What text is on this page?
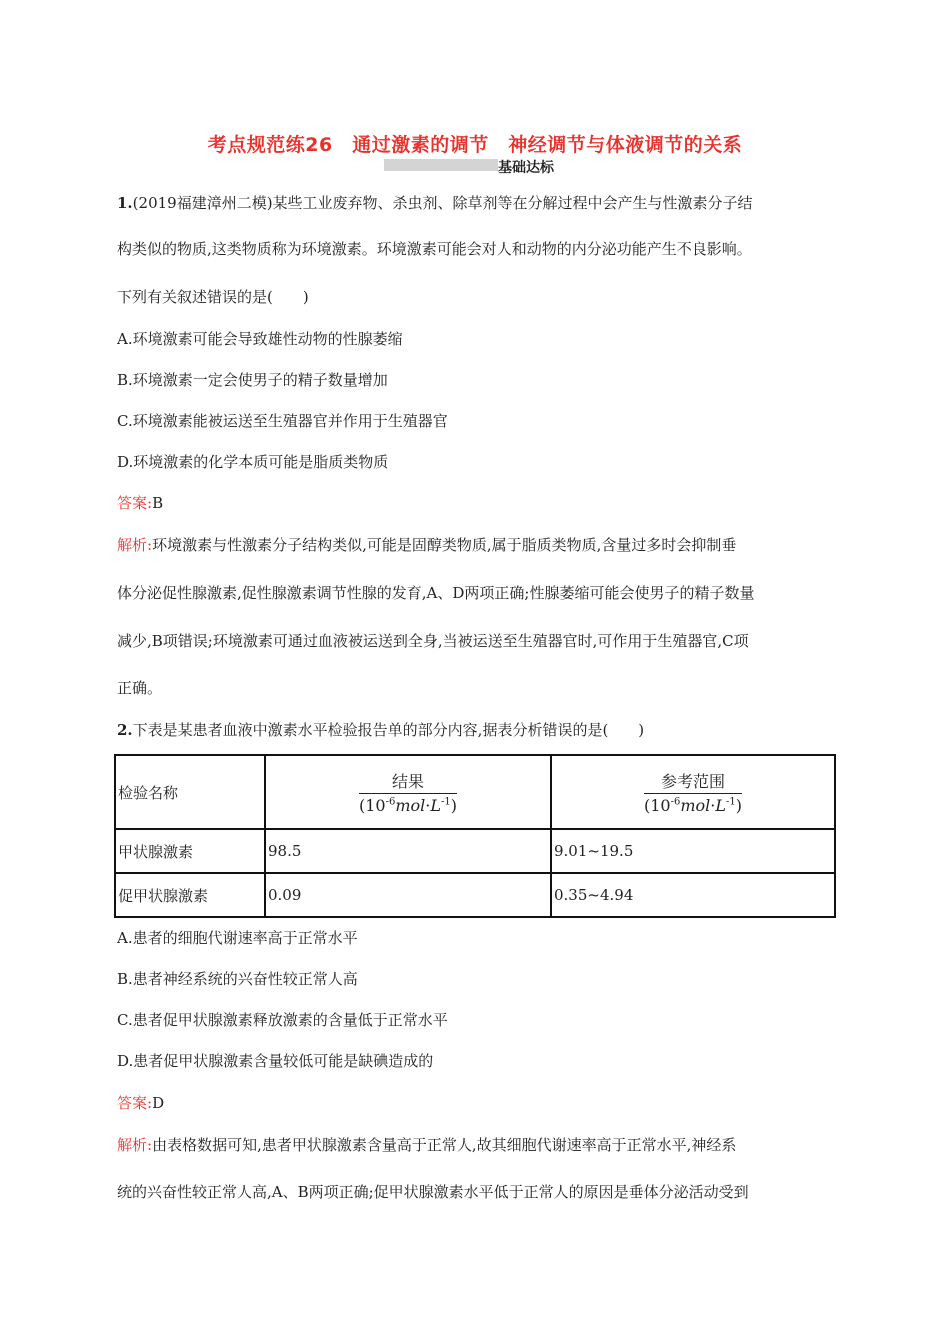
考点规范练26　通过激素的调节　神经调节与体液调节的关系
基础达标
1.(2019福建漳州二模)某些工业废弃物、杀虫剂、除草剂等在分解过程中会产生与性激素分子结
构类似的物质,这类物质称为环境激素。环境激素可能会对人和动物的内分泌功能产生不良影响。
下列有关叙述错误的是(　　)
A.环境激素可能会导致雄性动物的性腺萎缩
B.环境激素一定会使男子的精子数量增加
C.环境激素能被运送至生殖器官并作用于生殖器官
D.环境激素的化学本质可能是脂质类物质
答案:B
解析:环境激素与性激素分子结构类似,可能是固醇类物质,属于脂质类物质,含量过多时会抑制垂
体分泌促性腺激素,促性腺激素调节性腺的发育,A、D两项正确;性腺萎缩可能会使男子的精子数量
减少,B项错误;环境激素可通过血液被运送到全身,当被运送至生殖器官时,可作用于生殖器官,C项
正确。
2.下表是某患者血液中激素水平检验报告单的部分内容,据表分析错误的是(　　)
检验名称	$\frac{\text{结果}}{(10^{-6}mol\cdot L^{-1})}$	$\frac{\text{参考范围}}{(10^{-6}mol\cdot L^{-1})}$

甲状腺激素	98.5	9.01~19.5
促甲状腺激素	0.09	0.35~4.94
A.患者的细胞代谢速率高于正常水平
B.患者神经系统的兴奋性较正常人高
C.患者促甲状腺激素释放激素的含量低于正常水平
D.患者促甲状腺激素含量较低可能是缺碘造成的
答案:D
解析:由表格数据可知,患者甲状腺激素含量高于正常人,故其细胞代谢速率高于正常水平,神经系
统的兴奋性较正常人高,A、B两项正确;促甲状腺激素水平低于正常人的原因是垂体分泌活动受到
